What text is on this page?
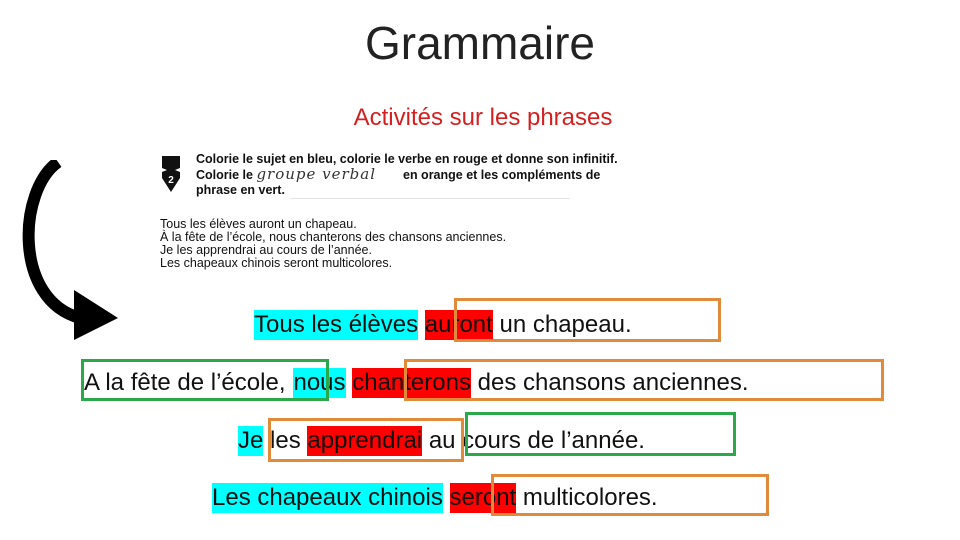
Grammaire
Activités sur les phrases
2
Colorie le sujet en bleu, colorie le verbe en rouge et donne son infinitif.
Colorie le groupe verbal en orange et les compléments de
phrase en vert.
Tous les élèves auront un chapeau.
À la fête de l’école, nous chanterons des chansons anciennes.
Je les apprendrai au cours de l’année.
Les chapeaux chinois seront multicolores.
Tous les élèves auront un chapeau.
A la fête de l’école, nous chanterons des chansons anciennes.
Je les apprendrai au cours de l’année.
Les chapeaux chinois seront multicolores.
